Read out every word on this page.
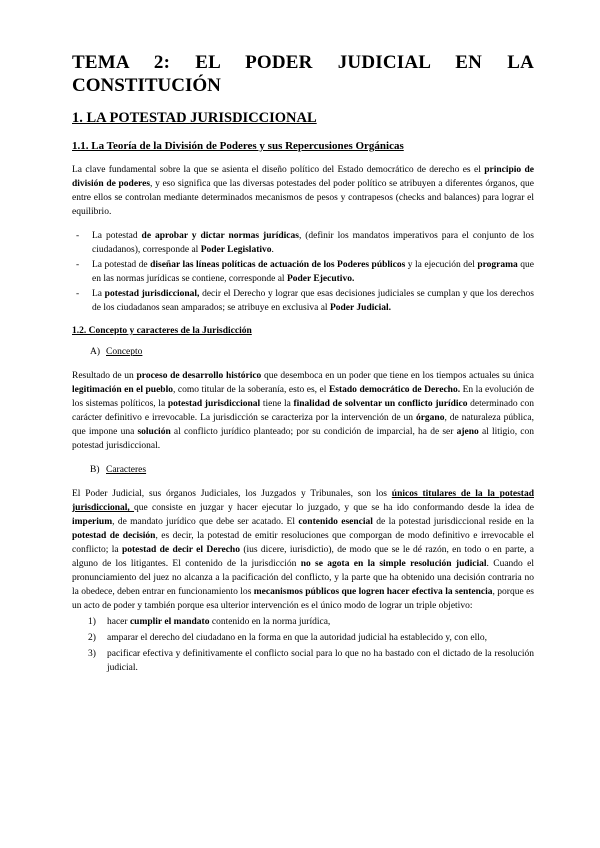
TEMA 2: EL PODER JUDICIAL EN LA
CONSTITUCIÓN
1. LA POTESTAD JURISDICCIONAL
1.1. La Teoría de la División de Poderes y sus Repercusiones Orgánicas

La clave fundamental sobre la que se asienta el diseño político del Estado democrático de derecho es el principio de división de poderes, y eso significa que las diversas potestades del poder político se atribuyen a diferentes órganos, que entre ellos se controlan mediante determinados mecanismos de pesos y contrapesos (checks and balances) para lograr el equilibrio.

- La potestad de aprobar y dictar normas jurídicas, (definir los mandatos imperativos para el conjunto de los ciudadanos), corresponde al Poder Legislativo.
- La potestad de diseñar las líneas políticas de actuación de los Poderes públicos y la ejecución del programa que en las normas jurídicas se contiene, corresponde al Poder Ejecutivo.
- La potestad jurisdiccional, decir el Derecho y lograr que esas decisiones judiciales se cumplan y que los derechos de los ciudadanos sean amparados; se atribuye en exclusiva al Poder Judicial.
1.2. Concepto y caracteres de la Jurisdicción
A) Concepto

Resultado de un proceso de desarrollo histórico que desemboca en un poder que tiene en los tiempos actuales su única legitimación en el pueblo, como titular de la soberanía, esto es, el Estado democrático de Derecho. En la evolución de los sistemas políticos, la potestad jurisdiccional tiene la finalidad de solventar un conflicto jurídico determinado con carácter definitivo e irrevocable. La jurisdicción se caracteriza por la intervención de un órgano, de naturaleza pública, que impone una solución al conflicto jurídico planteado; por su condición de imparcial, ha de ser ajeno al litigio, con potestad jurisdiccional.

B) Caracteres

El Poder Judicial, sus órganos Judiciales, los Juzgados y Tribunales, son los únicos titulares de la la potestad jurisdiccional, que consiste en juzgar y hacer ejecutar lo juzgado, y que se ha ido conformando desde la idea de imperium, de mandato jurídico que debe ser acatado. El contenido esencial de la potestad jurisdiccional reside en la potestad de decisión, es decir, la potestad de emitir resoluciones que comporgan de modo definitivo e irrevocable el conflicto; la potestad de decir el Derecho (ius dicere, iurisdictio), de modo que se le dé razón, en todo o en parte, a alguno de los litigantes. El contenido de la jurisdicción no se agota en la simple resolución judicial. Cuando el pronunciamiento del juez no alcanza a la pacificación del conflicto, y la parte que ha obtenido una decisión contraria no la obedece, deben entrar en funcionamiento los mecanismos públicos que logren hacer efectiva la sentencia, porque es un acto de poder y también porque esa ulterior intervención es el único modo de lograr un triple objetivo:

1) hacer cumplir el mandato contenido en la norma jurídica,
2) amparar el derecho del ciudadano en la forma en que la autoridad judicial ha establecido y, con ello,
3) pacificar efectiva y definitivamente el conflicto social para lo que no ha bastado con el dictado de la resolución judicial.
